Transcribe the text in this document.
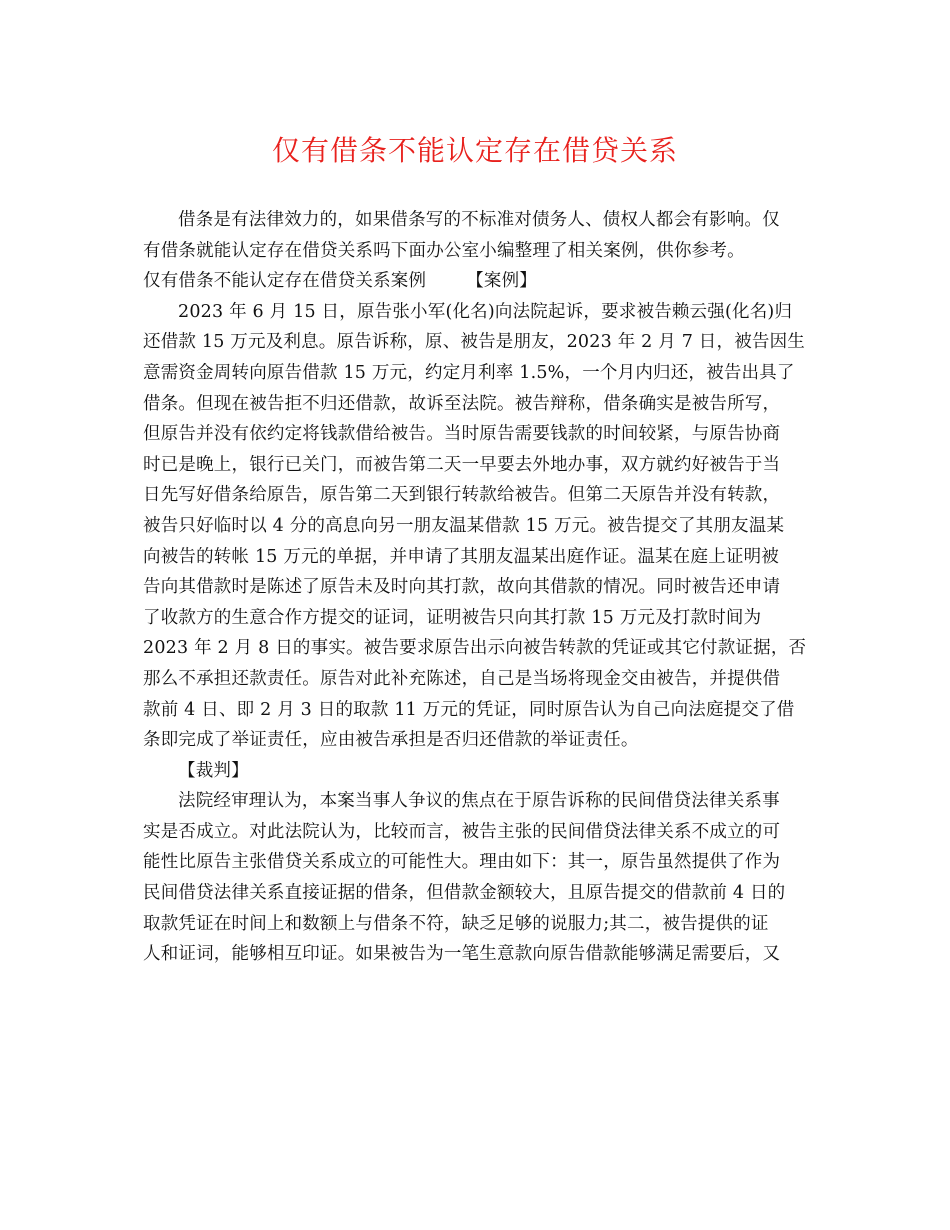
仅有借条不能认定存在借贷关系
借条是有法律效力的，如果借条写的不标准对债务人、债权人都会有影响。仅
有借条就能认定存在借贷关系吗下面办公室小编整理了相关案例，供你参考。
仅有借条不能认定存在借贷关系案例 【案例】
2023 年 6 月 15 日，原告张小军(化名)向法院起诉，要求被告赖云强(化名)归
还借款 15 万元及利息。原告诉称，原、被告是朋友，2023 年 2 月 7 日，被告因生
意需资金周转向原告借款 15 万元，约定月利率 1.5%，一个月内归还，被告出具了
借条。但现在被告拒不归还借款，故诉至法院。被告辩称，借条确实是被告所写，
但原告并没有依约定将钱款借给被告。当时原告需要钱款的时间较紧，与原告协商
时已是晚上，银行已关门，而被告第二天一早要去外地办事，双方就约好被告于当
日先写好借条给原告，原告第二天到银行转款给被告。但第二天原告并没有转款，
被告只好临时以 4 分的高息向另一朋友温某借款 15 万元。被告提交了其朋友温某
向被告的转帐 15 万元的单据，并申请了其朋友温某出庭作证。温某在庭上证明被
告向其借款时是陈述了原告未及时向其打款，故向其借款的情况。同时被告还申请
了收款方的生意合作方提交的证词，证明被告只向其打款 15 万元及打款时间为
2023 年 2 月 8 日的事实。被告要求原告出示向被告转款的凭证或其它付款证据，否
那么不承担还款责任。原告对此补充陈述，自己是当场将现金交由被告，并提供借
款前 4 日、即 2 月 3 日的取款 11 万元的凭证，同时原告认为自己向法庭提交了借
条即完成了举证责任，应由被告承担是否归还借款的举证责任。
【裁判】
法院经审理认为，本案当事人争议的焦点在于原告诉称的民间借贷法律关系事
实是否成立。对此法院认为，比较而言，被告主张的民间借贷法律关系不成立的可
能性比原告主张借贷关系成立的可能性大。理由如下：其一，原告虽然提供了作为
民间借贷法律关系直接证据的借条，但借款金额较大，且原告提交的借款前 4 日的
取款凭证在时间上和数额上与借条不符，缺乏足够的说服力;其二，被告提供的证
人和证词，能够相互印证。如果被告为一笔生意款向原告借款能够满足需要后，又
